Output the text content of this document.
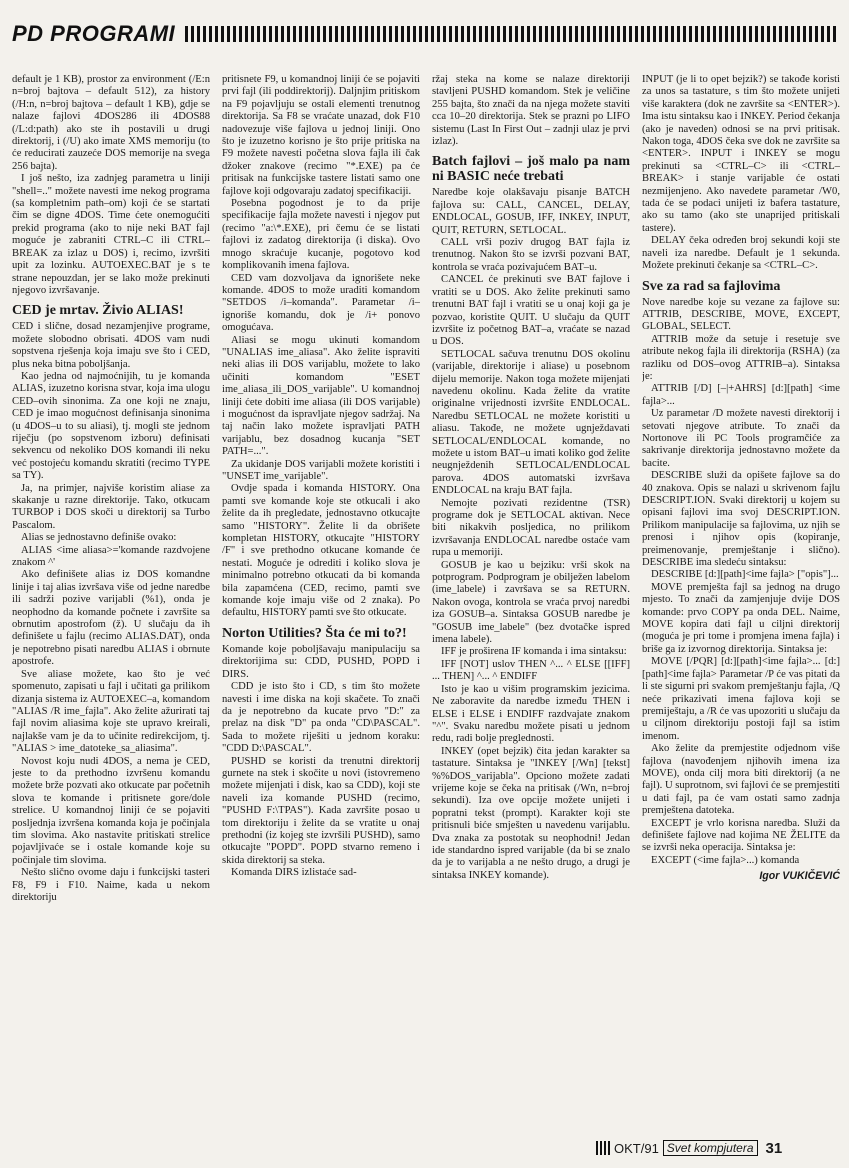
PD PROGRAMI

default je 1 KB), prostor za environment (/E:n n=broj bajtova – default 512), za history (/H:n, n=broj bajtova – default 1 KB), gdje se nalaze fajlovi 4DOS286 ili 4DOS88 (/L:d:path) ako ste ih postavili u drugi direktorij, i (/U) ako imate XMS memoriju (to će reducirati zauzeće DOS memorije na svega 256 bajta).

I još nešto, iza zadnjeg parametra u liniji "shell=.." možete navesti ime nekog programa (sa kompletnim path–om) koji će se startati čim se digne 4DOS. Time ćete onemogućiti prekid programa (ako to nije neki BAT fajl moguće je zabraniti CTRL–C ili CTRL–BREAK za izlaz u DOS) i, recimo, izvršiti upit za lozinku. AUTOEXEC.BAT je s te strane nepouzdan, jer se lako može prekinuti njegovo izvršavanje.

CED je mrtav. Živio ALIAS!

CED i slične, dosad nezamjenjive programe, možete slobodno obrisati. 4DOS vam nudi sopstvena rješenja koja imaju sve što i CED, plus neka bitna poboljšanja.

Kao jedna od najmoćnijih, tu je komanda ALIAS, izuzetno korisna stvar, koja ima ulogu CED–ovih sinonima. Za one koji ne znaju, CED je imao mogućnost definisanja sinonima (u 4DOS–u to su aliasi), tj. mogli ste jednom riječju (po sopstvenom izboru) definisati sekvencu od nekoliko DOS komandi ili neku već postojeću komandu skratiti (recimo TYPE sa TY).

Ja, na primjer, najviše koristim aliase za skakanje u razne direktorije. Tako, otkucam TURBOP i DOS skoči u direktorij sa Turbo Pascalom.

Alias se jednostavno definiše ovako:

ALIAS <ime aliasa>='komande razdvojene znakom ^'

Ako definišete alias iz DOS komandne linije i taj alias izvršava više od jedne naredbe ili sadrži pozive varijabli (%1), onda je neophodno da komande počnete i završite sa obrnutim apostrofom (ž). U slučaju da ih definišete u fajlu (recimo ALIAS.DAT), onda je nepotrebno pisati naredbu ALIAS i obrnute apostrofe.

Sve aliase možete, kao što je već spomenuto, zapisati u fajl i učitati ga prilikom dizanja sistema iz AUTOEXEC–a, komandom "ALIAS /R ime_fajla". Ako želite ažurirati taj fajl novim aliasima koje ste upravo kreirali, najlakše vam je da to učinite redirekcijom, tj. "ALIAS > ime_datoteke_sa_aliasima".

Novost koju nudi 4DOS, a nema je CED, jeste to da prethodno izvršenu komandu možete brže pozvati ako otkucate par početnih slova te komande i pritisnete gore/dole strelice. U komandnoj liniji će se pojaviti posljednja izvršena komanda koja je počinjala tim slovima. Ako nastavite pritiskati strelice pojavljivaće se i ostale komande koje su počinjale tim slovima.

Nešto slično ovome daju i funkcijski tasteri F8, F9 i F10. Naime, kada u nekom direktoriju

pritisnete F9, u komandnoj liniji će se pojaviti prvi fajl (ili poddirektorij). Daljnjim pritiskom na F9 pojavljuju se ostali elementi trenutnog direktorija. Sa F8 se vraćate unazad, dok F10 nadovezuje više fajlova u jednoj liniji. Ono što je izuzetno korisno je što prije pritiska na F9 možete navesti početna slova fajla ili čak džoker znakove (recimo "*.EXE) pa će pritisak na funkcijske tastere listati samo one fajlove koji odgovaraju zadatoj specifikaciji.

Posebna pogodnost je to da prije specifikacije fajla možete navesti i njegov put (recimo "a:\*.EXE), pri čemu će se listati fajlovi iz zadatog direktorija (i diska). Ovo mnogo skraćuje kucanje, pogotovo kod komplikovanih imena fajlova.

CED vam dozvoljava da ignorišete neke komande. 4DOS to može uraditi komandom "SETDOS /i–komanda". Parametar /i– ignoriše komandu, dok je /i+ ponovo omogućava.

Aliasi se mogu ukinuti komandom "UNALIAS ime_aliasa". Ako želite ispraviti neki alias ili DOS varijablu, možete to lako učiniti komandom "ESET ime_aliasa_ili_DOS_varijable". U komandnoj liniji ćete dobiti ime aliasa (ili DOS varijable) i mogućnost da ispravljate njegov sadržaj. Na taj način lako možete ispravljati PATH varijablu, bez dosadnog kucanja "SET PATH=...".

Za ukidanje DOS varijabli možete koristiti i "UNSET ime_varijable".

Ovdje spada i komanda HISTORY. Ona pamti sve komande koje ste otkucali i ako želite da ih pregledate, jednostavno otkucajte samo "HISTORY". Želite li da obrišete kompletan HISTORY, otkucajte "HISTORY /F" i sve prethodno otkucane komande će nestati. Moguće je odrediti i koliko slova je minimalno potrebno otkucati da bi komanda bila zapamćena (CED, recimo, pamti sve komande koje imaju više od 2 znaka). Po defaultu, HISTORY pamti sve što otkucate.

Norton Utilities? Šta će mi to?!

Komande koje poboljšavaju manipulaciju sa direktorijima su: CDD, PUSHD, POPD i DIRS.

CDD je isto što i CD, s tim što možete navesti i ime diska na koji skačete. To znači da je nepotrebno da kucate prvo "D:" za prelaz na disk "D" pa onda "CD\PASCAL". Sada to možete riješiti u jednom koraku: "CDD D:\PASCAL".

PUSHD se koristi da trenutni direktorij gurnete na stek i skočite u novi (istovremeno možete mijenjati i disk, kao sa CDD), koji ste naveli iza komande PUSHD (recimo, "PUSHD F:\TPAS"). Kada završite posao u tom direktoriju i želite da se vratite u onaj prethodni (iz kojeg ste izvršili PUSHD), samo otkucajte "POPD". POPD stvarno remeno i skida direktorij sa steka.

Komanda DIRS izlistaće sad-

ržaj steka na kome se nalaze direktoriji stavljeni PUSHD komandom. Stek je veličine 255 bajta, što znači da na njega možete staviti cca 10–20 direktorija. Stek se prazni po LIFO sistemu (Last In First Out – zadnji ulaz je prvi izlaz).

Batch fajlovi – još malo pa nam ni BASIC neće trebati

Naredbe koje olakšavaju pisanje BATCH fajlova su: CALL, CANCEL, DELAY, ENDLOCAL, GOSUB, IFF, INKEY, INPUT, QUIT, RETURN, SETLOCAL.

CALL vrši poziv drugog BAT fajla iz trenutnog. Nakon što se izvrši pozvani BAT, kontrola se vraća pozivajućem BAT–u.

CANCEL će prekinuti sve BAT fajlove i vratiti se u DOS. Ako želite prekinuti samo trenutni BAT fajl i vratiti se u onaj koji ga je pozvao, koristite QUIT. U slučaju da QUIT izvršite iz početnog BAT–a, vraćate se nazad u DOS.

SETLOCAL sačuva trenutnu DOS okolinu (varijable, direktorije i aliase) u posebnom dijelu memorije. Nakon toga možete mijenjati navedenu okolinu. Kada želite da vratite originalne vrijednosti izvršite ENDLOCAL. Naredbu SETLOCAL ne možete koristiti u aliasu. Takođe, ne možete ugnježdavati SETLOCAL/ENDLOCAL komande, no možete u istom BAT–u imati koliko god želite neugnježdenih SETLOCAL/ENDLOCAL parova. 4DOS automatski izvršava ENDLOCAL na kraju BAT fajla.

Nemojte pozivati rezidentne (TSR) programe dok je SETLOCAL aktivan. Nece biti nikakvih posljedica, no prilikom izvršavanja ENDLOCAL naredbe ostaće vam rupa u memoriji.

GOSUB je kao u bejziku: vrši skok na potprogram. Podprogram je obilježen labelom (ime_labele) i završava se sa RETURN. Nakon ovoga, kontrola se vraća prvoj naredbi iza GOSUB–a. Sintaksa GOSUB naredbe je "GOSUB ime_labele" (bez dvotačke ispred imena labele).

IFF je proširena IF komanda i ima sintaksu:

IFF [NOT] uslov THEN ^... ^ ELSE [[IFF] ... THEN] ^... ^ ENDIFF

Isto je kao u višim programskim jezicima. Ne zaboravite da naredbe između THEN i ELSE i ELSE i ENDIFF razdvajate znakom "^". Svaku naredbu možete pisati u jednom redu, radi bolje preglednosti.

INKEY (opet bejzik) čita jedan karakter sa tastature. Sintaksa je "INKEY [/Wn] [tekst] %%DOS_varijabla". Opciono možete zadati vrijeme koje se čeka na pritisak (/Wn, n=broj sekundi). Iza ove opcije možete unijeti i popratni tekst (prompt). Karakter koji ste pritisnuli biće smješten u navedenu varijablu. Dva znaka za postotak su neophodni! Jedan ide standardno ispred varijable (da bi se znalo da je to varijabla a ne nešto drugo, a drugi je sintaksa INKEY komande).

INPUT (je li to opet bejzik?) se takođe koristi za unos sa tastature, s tim što možete unijeti više karaktera (dok ne završite sa <ENTER>). Ima istu sintaksu kao i INKEY. Period čekanja (ako je naveden) odnosi se na prvi pritisak. Nakon toga, 4DOS čeka sve dok ne završite sa <ENTER>. INPUT i INKEY se mogu prekinuti sa <CTRL–C> ili <CTRL–BREAK> i stanje varijable će ostati nezmijenjeno. Ako navedete parametar /W0, tada će se podaci unijeti iz bafera tastature, ako su tamo (ako ste unaprijed pritiskali tastere).

DELAY čeka određen broj sekundi koji ste naveli iza naredbe. Default je 1 sekunda. Možete prekinuti čekanje sa <CTRL–C>.

Sve za rad sa fajlovima

Nove naredbe koje su vezane za fajlove su: ATTRIB, DESCRIBE, MOVE, EXCEPT, GLOBAL, SELECT.

ATTRIB može da setuje i resetuje sve atribute nekog fajla ili direktorija (RSHA) (za razliku od DOS–ovog ATTRIB–a). Sintaksa je:

ATTRIB [/D] [–|+AHRS] [d:][path] <ime fajla>...

Uz parametar /D možete navesti direktorij i setovati njegove atribute. To znači da Nortonove ili PC Tools programčiće za sakrivanje direktorija jednostavno možete da bacite.

DESCRIBE služi da opišete fajlove sa do 40 znakova. Opis se nalazi u skrivenom fajlu DESCRIPT.ION. Svaki direktorij u kojem su opisani fajlovi ima svoj DESCRIPT.ION. Prilikom manipulacije sa fajlovima, uz njih se prenosi i njihov opis (kopiranje, preimenovanje, premještanje i slično). DESCRIBE ima sledeću sintaksu:

DESCRIBE [d:][path]<ime fajla> ["opis"]...

MOVE premješta fajl sa jednog na drugo mjesto. To znači da zamjenjuje dvije DOS komande: prvo COPY pa onda DEL. Naime, MOVE kopira dati fajl u ciljni direktorij (moguća je pri tome i promjena imena fajla) i briše ga iz izvornog direktorija. Sintaksa je:

MOVE [/PQR] [d:][path]<ime fajla>... [d:][path]<ime fajla> Parametar /P će vas pitati da li ste sigurni pri svakom premještanju fajla, /Q neće prikazivati imena fajlova koji se premiještaju, a /R će vas upozoriti u slučaju da u ciljnom direktoriju postoji fajl sa istim imenom.

Ako želite da premjestite odjednom više fajlova (navođenjem njihovih imena iza MOVE), onda cilj mora biti direktorij (a ne fajl). U suprotnom, svi fajlovi će se premjestiti u dati fajl, pa će vam ostati samo zadnja premještena datoteka.

EXCEPT je vrlo korisna naredba. Služi da definišete fajlove nad kojima NE ŽELITE da se izvrši neka operacija. Sintaksa je:

EXCEPT (<ime fajla>...) komanda

Igor VUKIČEVIĆ

OKT/91 Svet kompjutera 31
